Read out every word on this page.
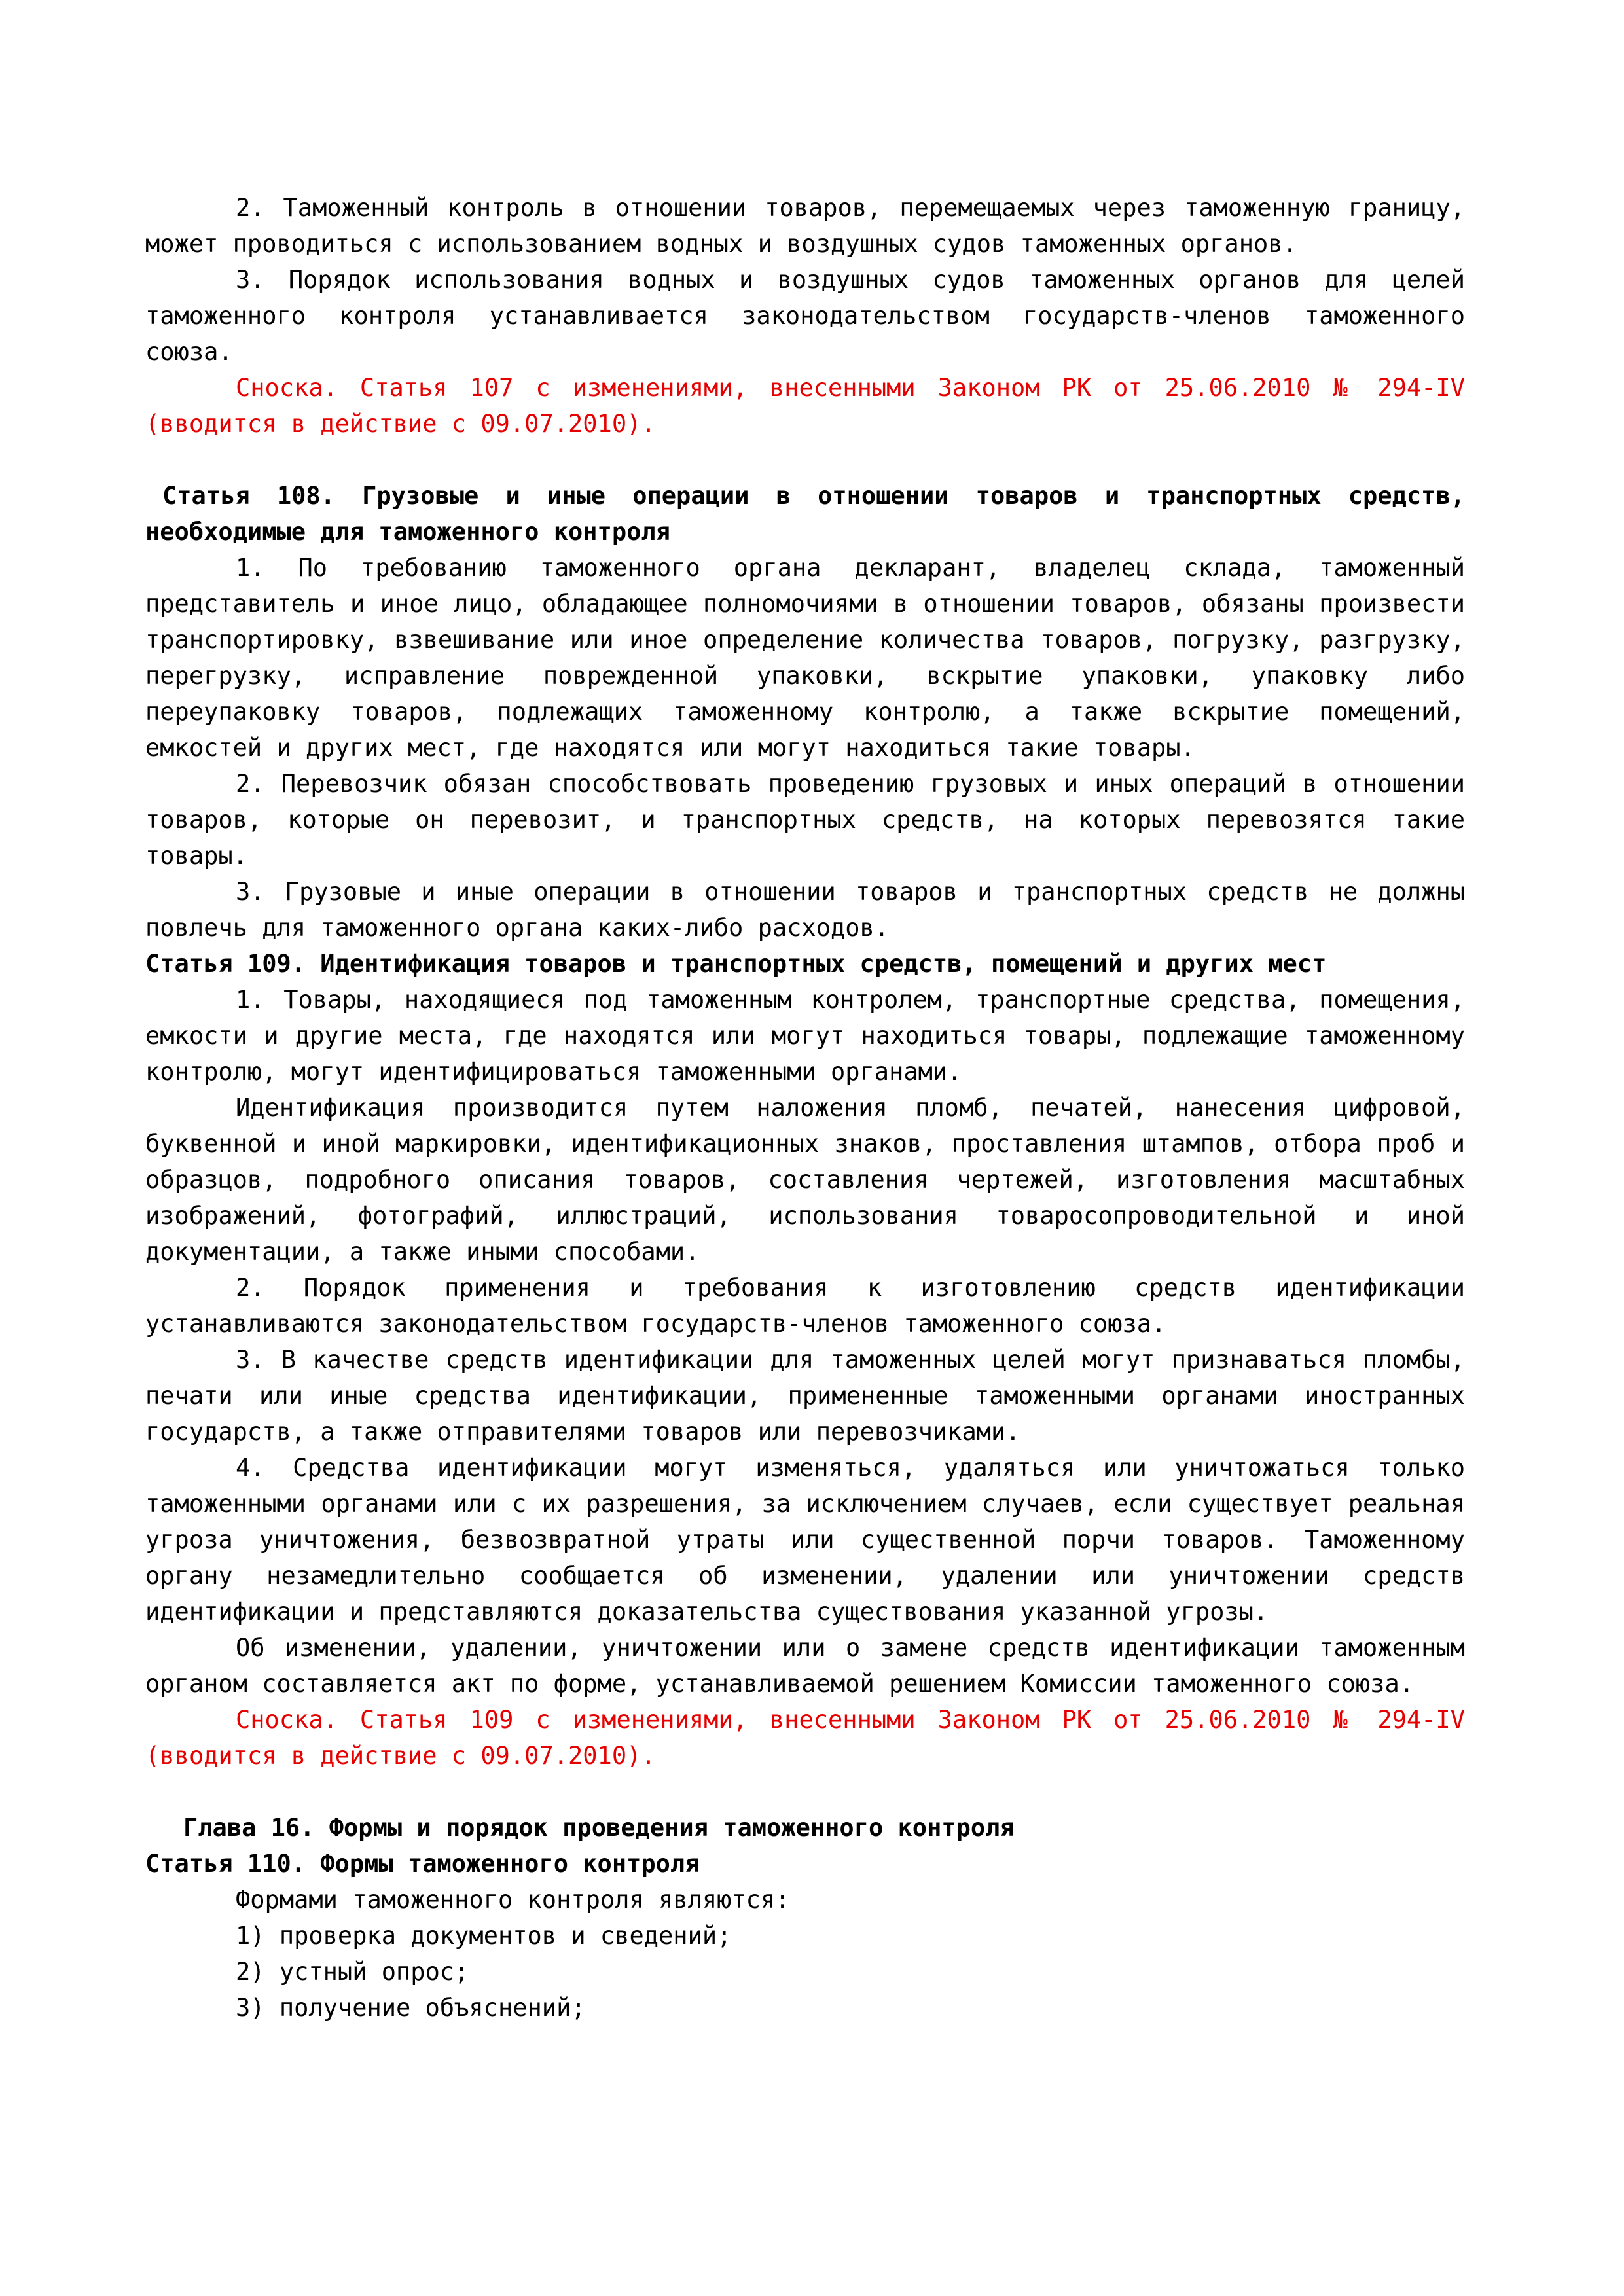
2. Таможенный контроль в отношении товаров, перемещаемых через таможенную границу, может проводиться с использованием водных и воздушных судов таможенных органов.

3. Порядок использования водных и воздушных судов таможенных органов для целей таможенного контроля устанавливается законодательством государств-членов таможенного союза.

Сноска. Статья 107 с изменениями, внесенными Законом РК от 25.06.2010 № 294-IV (вводится в действие с 09.07.2010).

Статья 108. Грузовые и иные операции в отношении товаров и транспортных средств, необходимые для таможенного контроля

1. По требованию таможенного органа декларант, владелец склада, таможенный представитель и иное лицо, обладающее полномочиями в отношении товаров, обязаны произвести транспортировку, взвешивание или иное определение количества товаров, погрузку, разгрузку, перегрузку, исправление поврежденной упаковки, вскрытие упаковки, упаковку либо переупаковку товаров, подлежащих таможенному контролю, а также вскрытие помещений, емкостей и других мест, где находятся или могут находиться такие товары.

2. Перевозчик обязан способствовать проведению грузовых и иных операций в отношении товаров, которые он перевозит, и транспортных средств, на которых перевозятся такие товары.

3. Грузовые и иные операции в отношении товаров и транспортных средств не должны повлечь для таможенного органа каких-либо расходов.

Статья 109. Идентификация товаров и транспортных средств, помещений и других мест

1. Товары, находящиеся под таможенным контролем, транспортные средства, помещения, емкости и другие места, где находятся или могут находиться товары, подлежащие таможенному контролю, могут идентифицироваться таможенными органами.

Идентификация производится путем наложения пломб, печатей, нанесения цифровой, буквенной и иной маркировки, идентификационных знаков, проставления штампов, отбора проб и образцов, подробного описания товаров, составления чертежей, изготовления масштабных изображений, фотографий, иллюстраций, использования товаросопроводительной и иной документации, а также иными способами.

2. Порядок применения и требования к изготовлению средств идентификации устанавливаются законодательством государств-членов таможенного союза.

3. В качестве средств идентификации для таможенных целей могут признаваться пломбы, печати или иные средства идентификации, примененные таможенными органами иностранных государств, а также отправителями товаров или перевозчиками.

4. Средства идентификации могут изменяться, удаляться или уничтожаться только таможенными органами или с их разрешения, за исключением случаев, если существует реальная угроза уничтожения, безвозвратной утраты или существенной порчи товаров. Таможенному органу незамедлительно сообщается об изменении, удалении или уничтожении средств идентификации и представляются доказательства существования указанной угрозы.

Об изменении, удалении, уничтожении или о замене средств идентификации таможенным органом составляется акт по форме, устанавливаемой решением Комиссии таможенного союза.

Сноска. Статья 109 с изменениями, внесенными Законом РК от 25.06.2010 № 294-IV (вводится в действие с 09.07.2010).

Глава 16. Формы и порядок проведения таможенного контроля

Статья 110. Формы таможенного контроля

Формами таможенного контроля являются:

1) проверка документов и сведений;

2) устный опрос;

3) получение объяснений;
